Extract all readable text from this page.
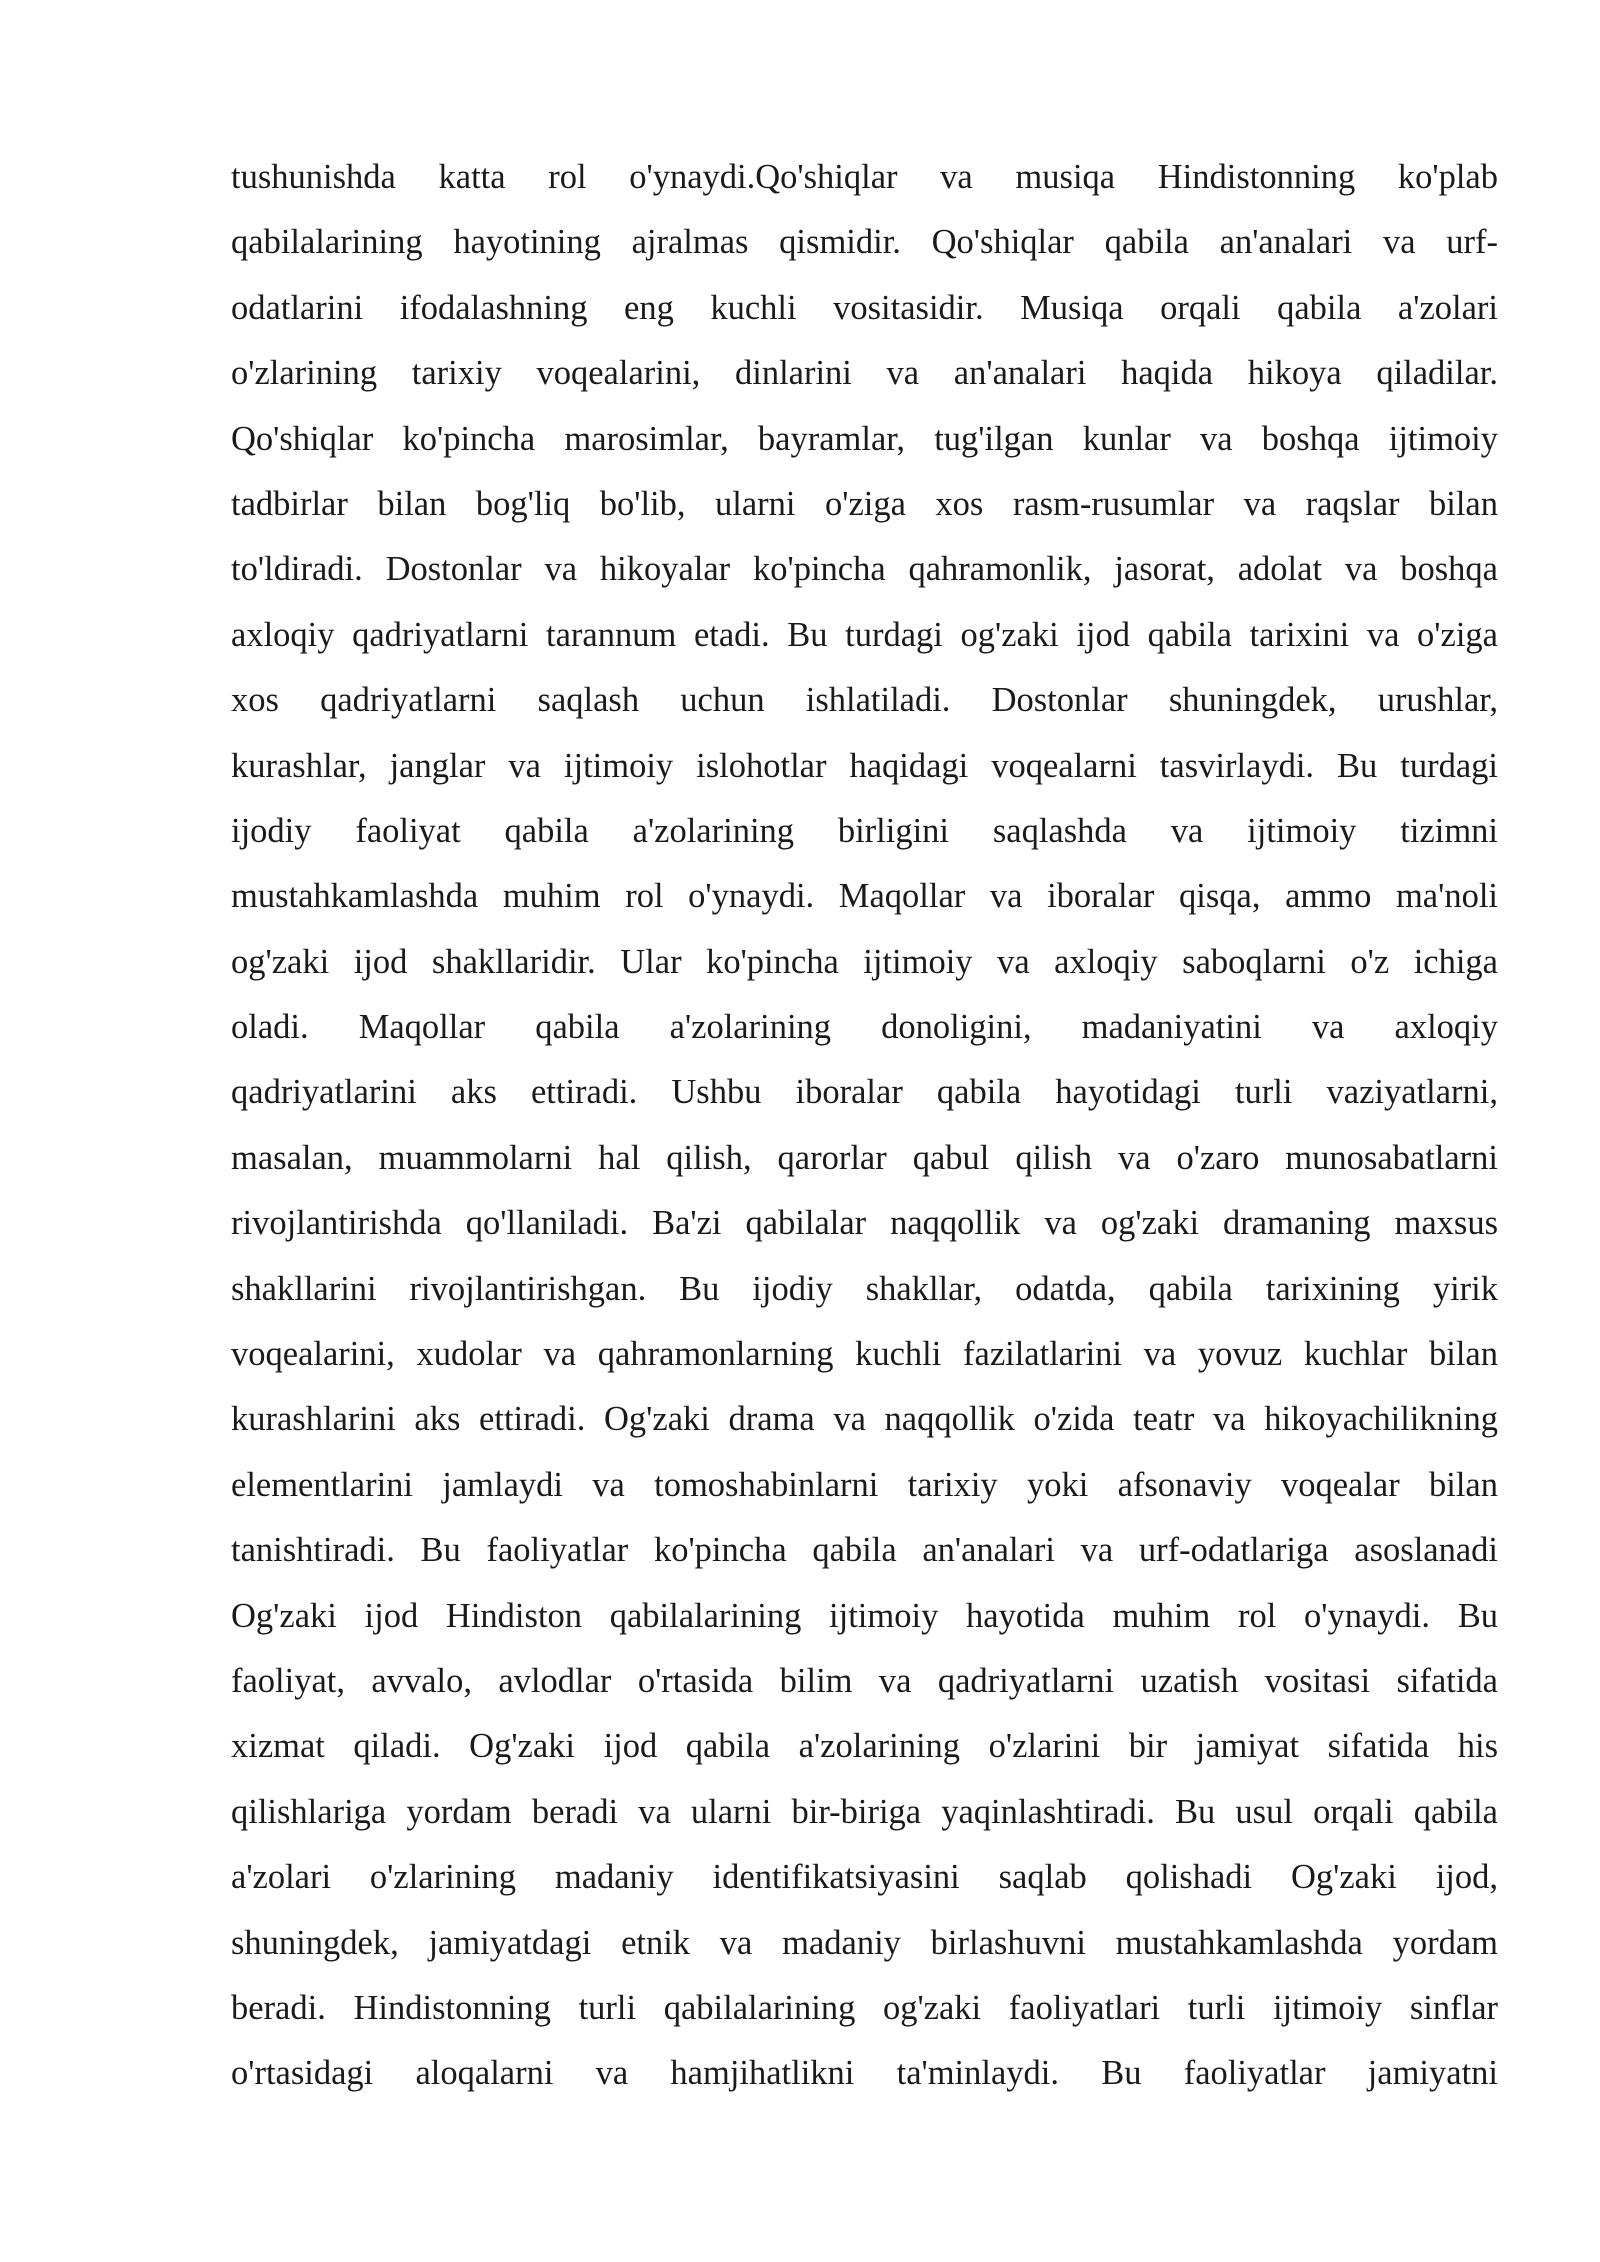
tushunishda katta rol o'ynaydi.Qo'shiqlar va musiqa Hindistonning ko'plab
qabilalarining hayotining ajralmas qismidir. Qo'shiqlar qabila an'analari va urf-
odatlarini ifodalashning eng kuchli vositasidir. Musiqa orqali qabila a'zolari
o'zlarining tarixiy voqealarini, dinlarini va an'analari haqida hikoya qiladilar.
Qo'shiqlar ko'pincha marosimlar, bayramlar, tug'ilgan kunlar va boshqa ijtimoiy
tadbirlar bilan bog'liq bo'lib, ularni o'ziga xos rasm-rusumlar va raqslar bilan
to'ldiradi. Dostonlar va hikoyalar ko'pincha qahramonlik, jasorat, adolat va boshqa
axloqiy qadriyatlarni tarannum etadi. Bu turdagi og'zaki ijod qabila tarixini va o'ziga
xos qadriyatlarni saqlash uchun ishlatiladi. Dostonlar shuningdek, urushlar,
kurashlar, janglar va ijtimoiy islohotlar haqidagi voqealarni tasvirlaydi. Bu turdagi
ijodiy faoliyat qabila a'zolarining birligini saqlashda va ijtimoiy tizimni
mustahkamlashda muhim rol o'ynaydi. Maqollar va iboralar qisqa, ammo ma'noli
og'zaki ijod shakllaridir. Ular ko'pincha ijtimoiy va axloqiy saboqlarni o'z ichiga
oladi. Maqollar qabila a'zolarining donoligini, madaniyatini va axloqiy
qadriyatlarini aks ettiradi. Ushbu iboralar qabila hayotidagi turli vaziyatlarni,
masalan, muammolarni hal qilish, qarorlar qabul qilish va o'zaro munosabatlarni
rivojlantirishda qo'llaniladi. Ba'zi qabilalar naqqollik va og'zaki dramaning maxsus
shakllarini rivojlantirishgan. Bu ijodiy shakllar, odatda, qabila tarixining yirik
voqealarini, xudolar va qahramonlarning kuchli fazilatlarini va yovuz kuchlar bilan
kurashlarini aks ettiradi. Og'zaki drama va naqqollik o'zida teatr va hikoyachilikning
elementlarini jamlaydi va tomoshabinlarni tarixiy yoki afsonaviy voqealar bilan
tanishtiradi. Bu faoliyatlar ko'pincha qabila an'analari va urf-odatlariga asoslanadi
Og'zaki ijod Hindiston qabilalarining ijtimoiy hayotida muhim rol o'ynaydi. Bu
faoliyat, avvalo, avlodlar o'rtasida bilim va qadriyatlarni uzatish vositasi sifatida
xizmat qiladi. Og'zaki ijod qabila a'zolarining o'zlarini bir jamiyat sifatida his
qilishlariga yordam beradi va ularni bir-biriga yaqinlashtiradi. Bu usul orqali qabila
a'zolari o'zlarining madaniy identifikatsiyasini saqlab qolishadi Og'zaki ijod,
shuningdek, jamiyatdagi etnik va madaniy birlashuvni mustahkamlashda yordam
beradi. Hindistonning turli qabilalarining og'zaki faoliyatlari turli ijtimoiy sinflar
o'rtasidagi aloqalarni va hamjihatlikni ta'minlaydi. Bu faoliyatlar jamiyatni
